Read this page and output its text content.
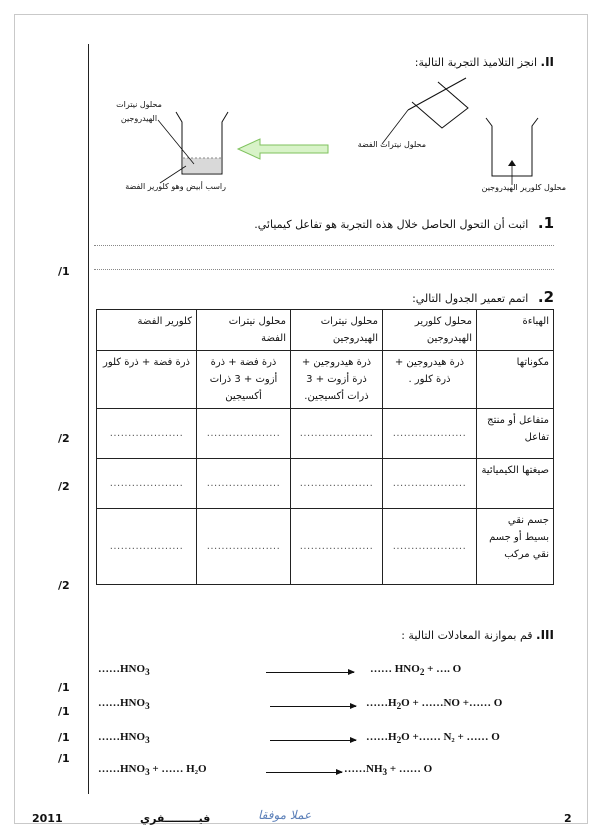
II. انجز التلاميذ التجربة التالية:
محلول نيترات الهيدروجين
راسب أبيض وهو كلورير الفضة
محلول نيترات الفضة
محلول كلورير الهيدروجين
1. اثبت أن التحول الحاصل خلال هذه التجربة هو تفاعل كيميائي.
/1
2. اتمم تعمير الجدول التالي:
الهباءة	محلول كلورير الهيدروجين	محلول نيترات الهيدروجين	محلول نيترات الفضة	كلورير الفضة
مكوناتها	ذرة هيدروجين + ذرة كلور .	ذرة هيدروجين + ذرة أزوت + 3 ذرات أكسيجين.	ذرة فضة + ذرة أزوت + 3 ذرات أكسيجين	ذرة فضة + ذرة كلور
متفاعل أو منتج تفاعل	....................	....................	....................	....................
صيغتها الكيميائية	....................	....................	....................	....................
جسم نقي بسيط أو جسم نقي مركب	....................	....................	....................	....................
/2
/2
/2
III. قم بموازنة المعادلات التالية :
$\dots\dots HNO_3$	…… $HNO_2$ + …. O
/1
$\dots\dots HNO_3$	$\dots\dots H_2O$ + ……NO +…… O
/1
$\dots\dots HNO_3$	$\dots\dots H_2O$ +…… N₂ + …… O
/1
$\dots\dots HNO_3$ + …… H₂O	$\dots\dots NH_3$ + …… O
/1
2011	فيـــــــــفري	عملا موفقا	2
